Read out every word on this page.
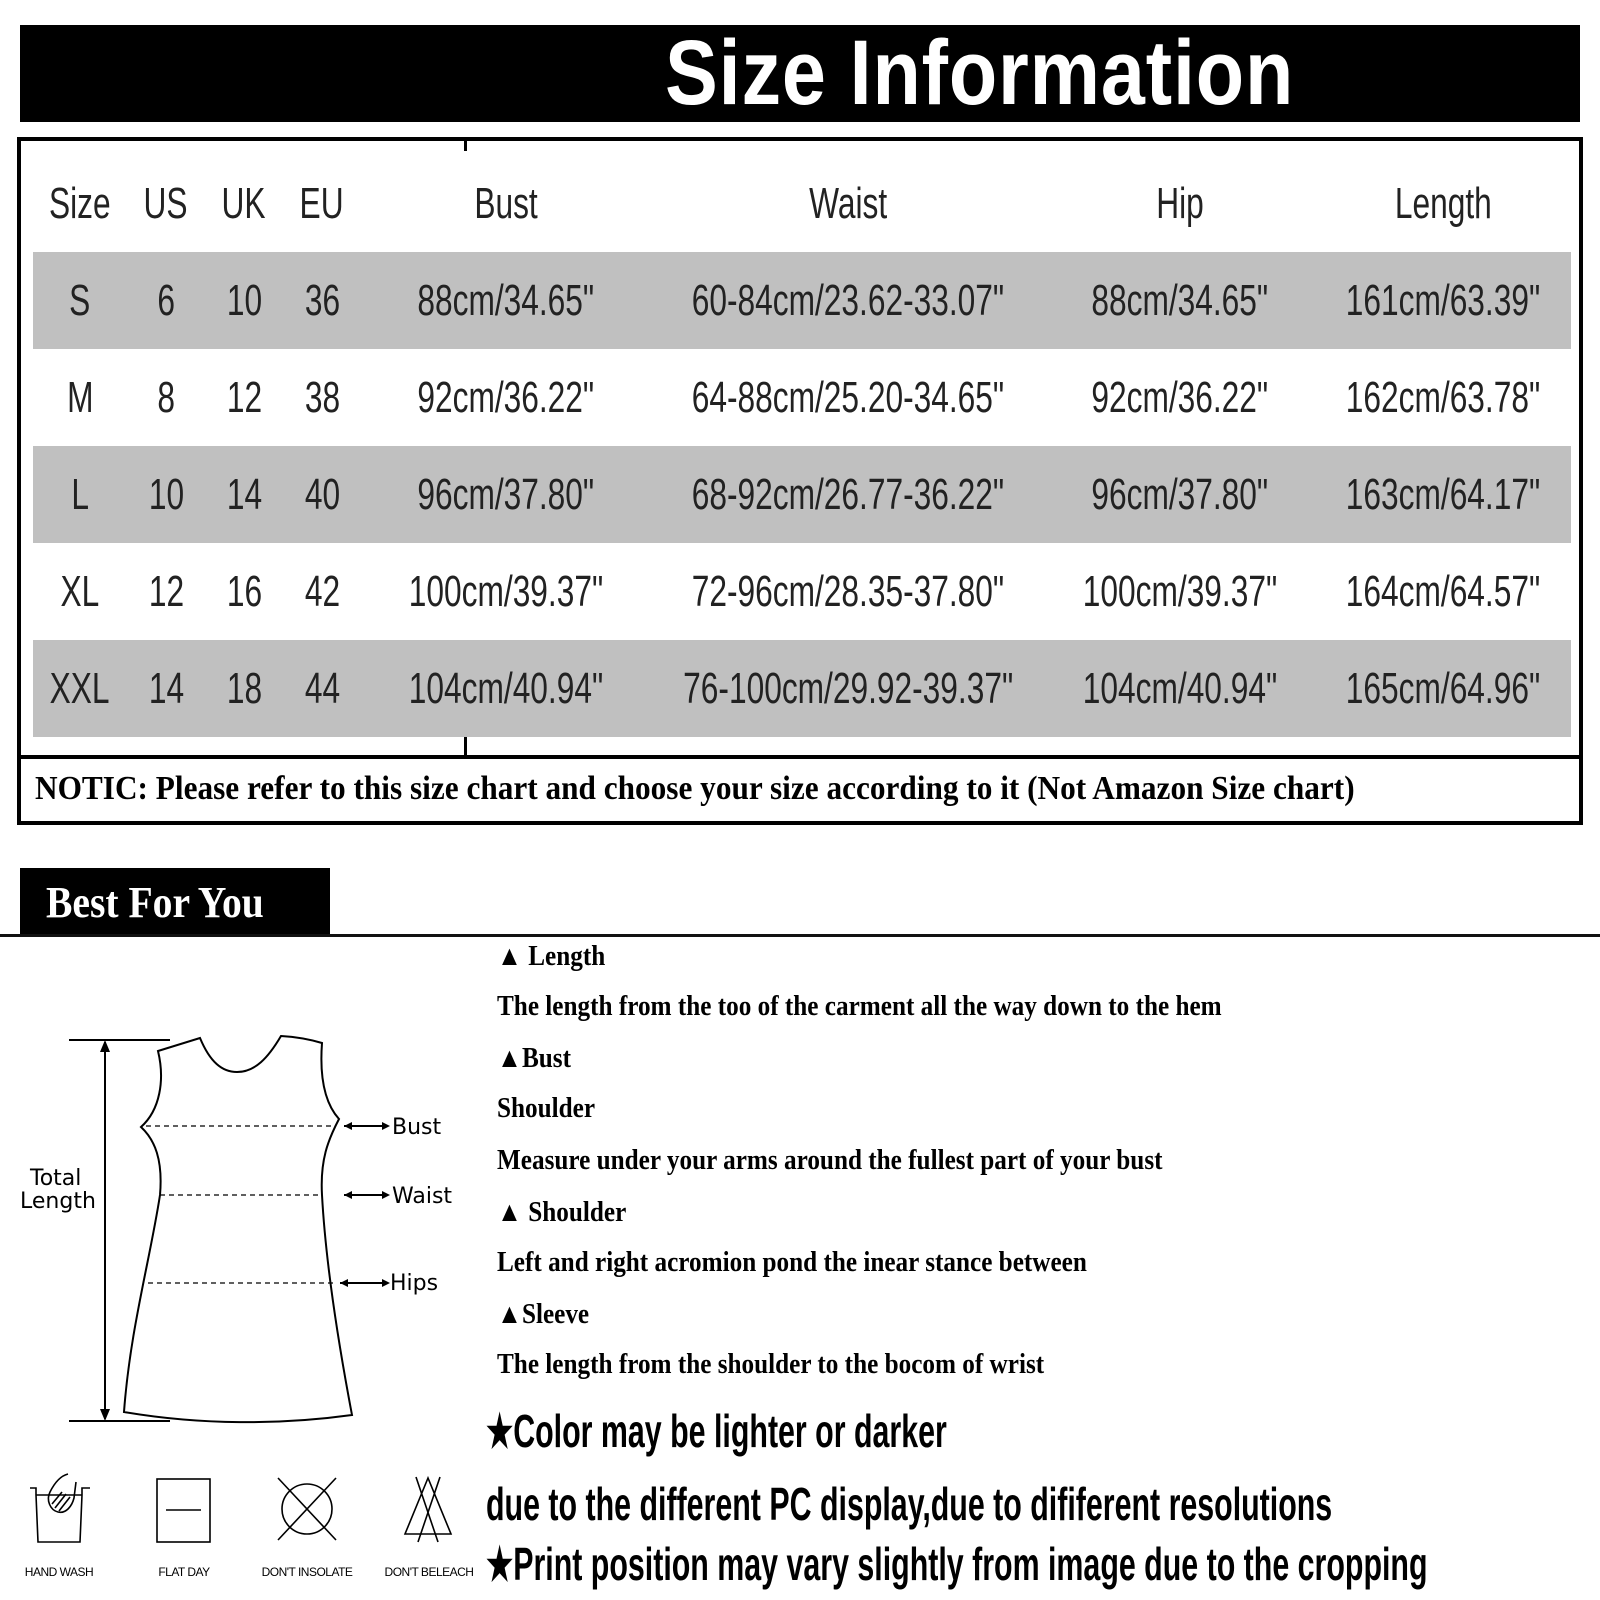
Size Information
Size US UK EU	Bust	Waist	Hip	Length
S 6 10 36 88cm/34.65" 60-84cm/23.62-33.07" 88cm/34.65" 161cm/63.39"
M 8 12 38 92cm/36.22" 64-88cm/25.20-34.65" 92cm/36.22" 162cm/63.78"
L 10 14 40 96cm/37.80" 68-92cm/26.77-36.22" 96cm/37.80" 163cm/64.17"
XL 12 16 42 100cm/39.37" 72-96cm/28.35-37.80" 100cm/39.37" 164cm/64.57"
XXL 14 18 44 104cm/40.94" 76-100cm/29.92-39.37" 104cm/40.94" 165cm/64.96"
NOTIC: Please refer to this size chart and choose your size according to it (Not Amazon Size chart)
Best For You
Total
Length
Bust
Waist
Hips
HAND WASH	FLAT DAY	DON'T INSOLATE	DON'T BELEACH
▲ Length
The length from the too of the carment all the way down to the hem
▲Bust
Shoulder
Measure under your arms around the fullest part of your bust
▲ Shoulder
Left and right acromion pond the inear stance between
▲Sleeve
The length from the shoulder to the bocom of wrist
★Color may be lighter or darker
due to the different PC display,due to dififerent resolutions
★Print position may vary slightly from image due to the cropping
